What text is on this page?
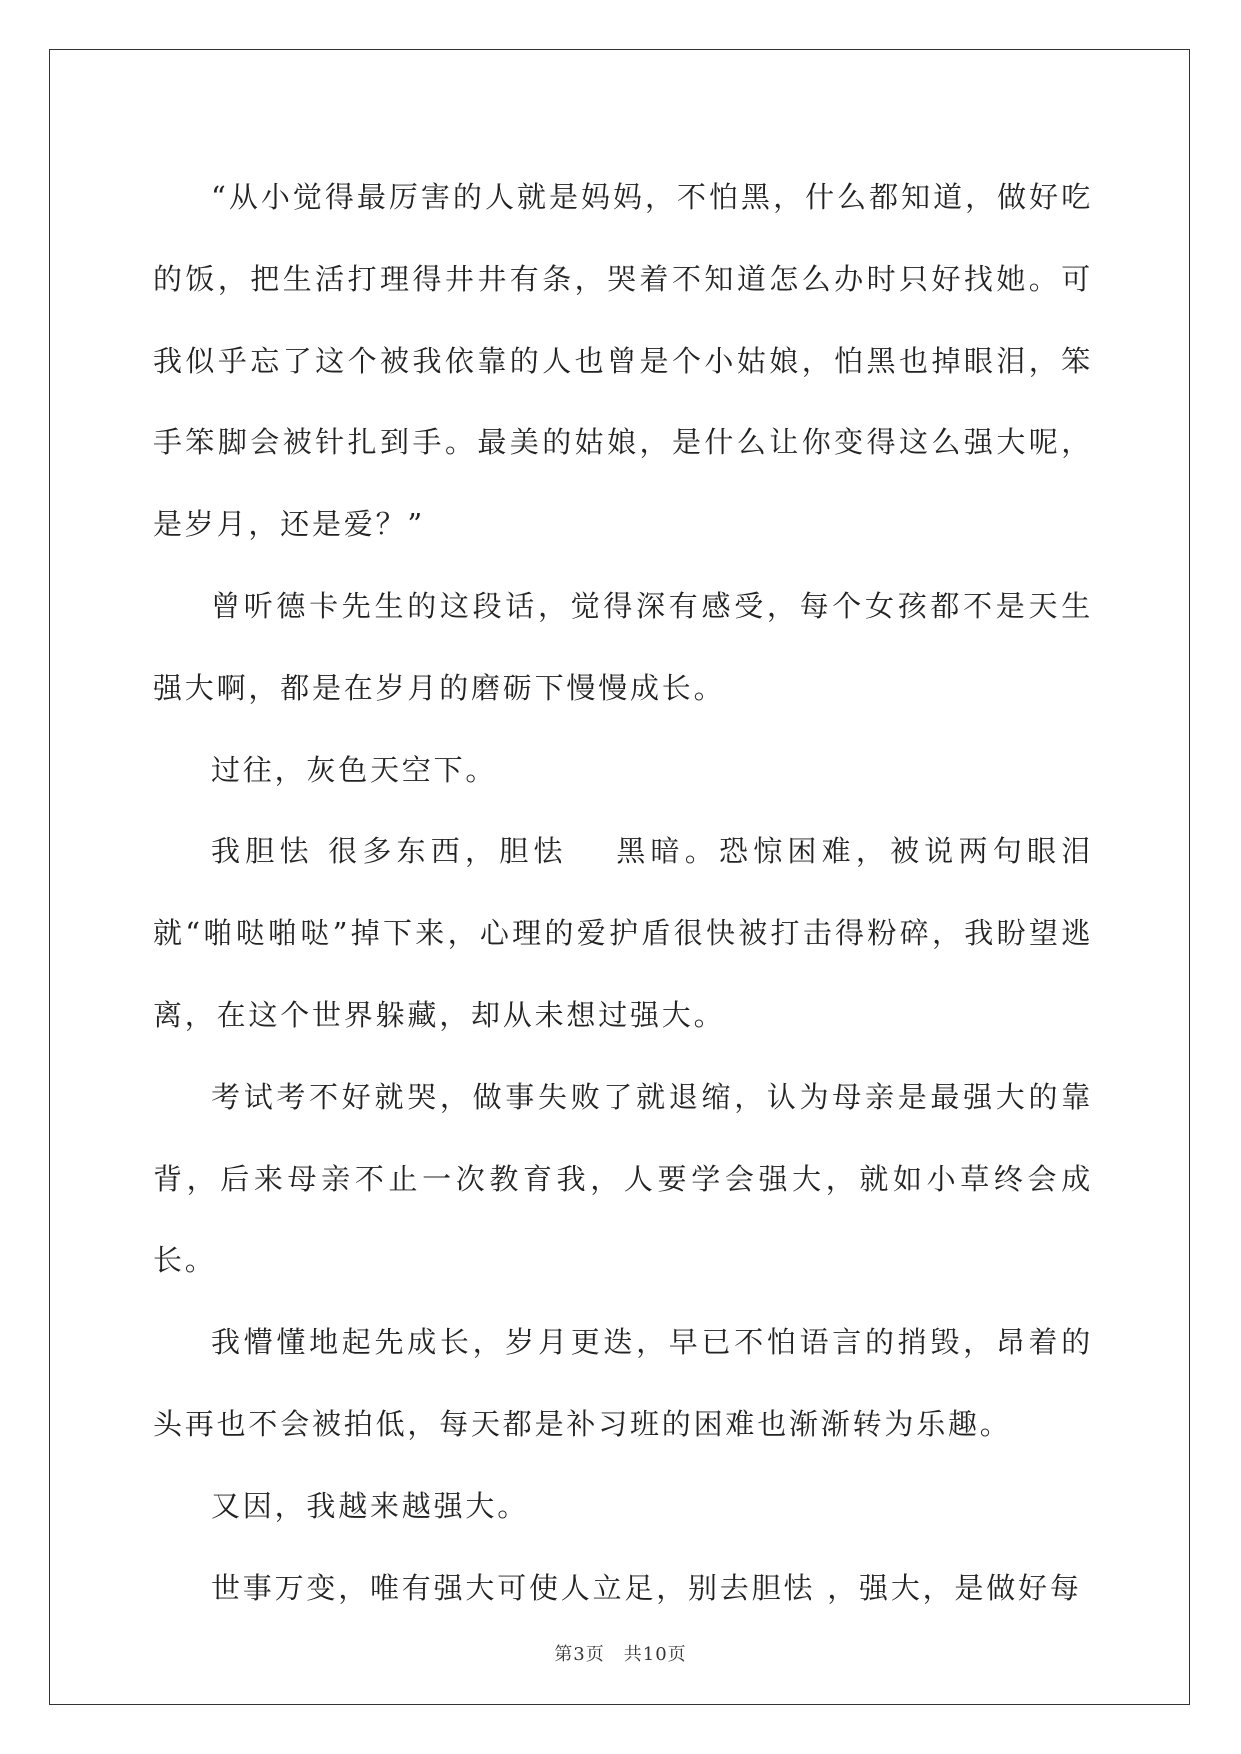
“从小觉得最厉害的人就是妈妈，不怕黑，什么都知道，做好吃的饭，把生活打理得井井有条，哭着不知道怎么办时只好找她。可我似乎忘了这个被我依靠的人也曾是个小姑娘，怕黑也掉眼泪，笨手笨脚会被针扎到手。最美的姑娘，是什么让你变得这么强大呢，是岁月，还是爱？”

曾听德卡先生的这段话，觉得深有感受，每个女孩都不是天生强大啊，都是在岁月的磨砺下慢慢成长。

过往，灰色天空下。

我胆怯 很多东西，胆怯　 黑暗。恐惊困难，被说两句眼泪就“啪哒啪哒”掉下来，心理的爱护盾很快被打击得粉碎，我盼望逃离，在这个世界躲藏，却从未想过强大。

考试考不好就哭，做事失败了就退缩，认为母亲是最强大的靠背，后来母亲不止一次教育我，人要学会强大，就如小草终会成长。

我懵懂地起先成长，岁月更迭，早已不怕语言的捎毁，昂着的头再也不会被拍低，每天都是补习班的困难也渐渐转为乐趣。

又因，我越来越强大。

世事万变，唯有强大可使人立足，别去胆怯 ，强大，是做好每

第3页　共10页
